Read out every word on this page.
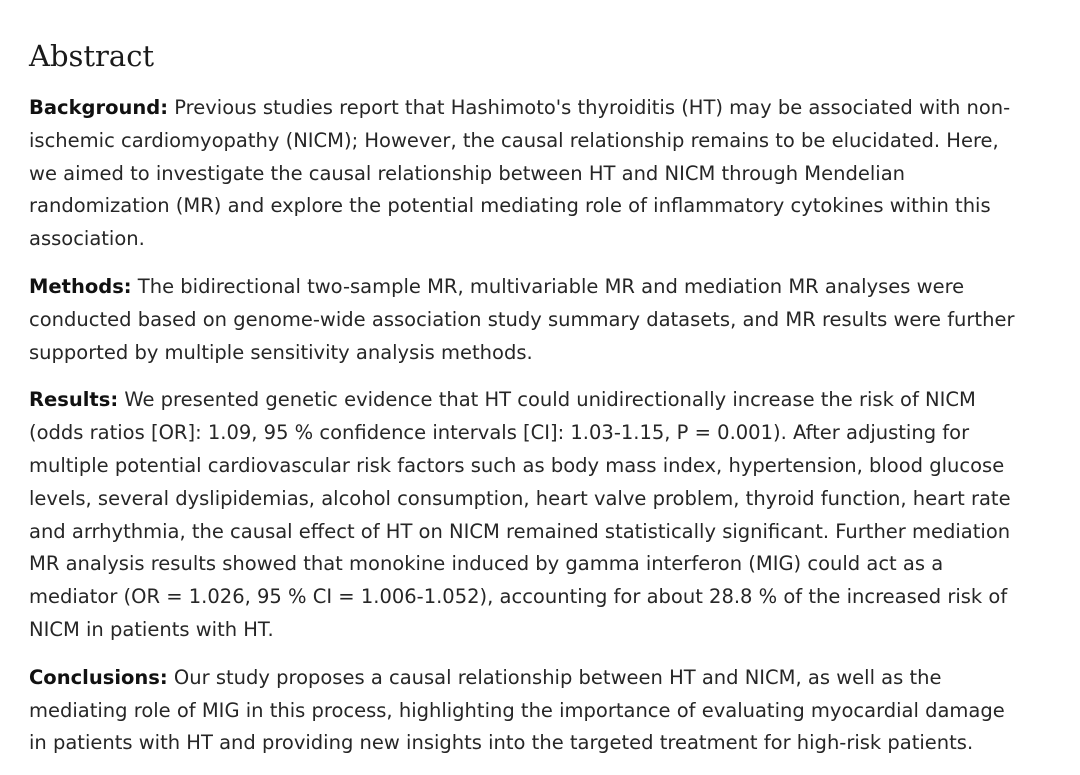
Abstract

Background: Previous studies report that Hashimoto's thyroiditis (HT) may be associated with non-ischemic cardiomyopathy (NICM); However, the causal relationship remains to be elucidated. Here, we aimed to investigate the causal relationship between HT and NICM through Mendelian randomization (MR) and explore the potential mediating role of inflammatory cytokines within this association.

Methods: The bidirectional two-sample MR, multivariable MR and mediation MR analyses were conducted based on genome-wide association study summary datasets, and MR results were further supported by multiple sensitivity analysis methods.

Results: We presented genetic evidence that HT could unidirectionally increase the risk of NICM (odds ratios [OR]: 1.09, 95 % confidence intervals [CI]: 1.03-1.15, P = 0.001). After adjusting for multiple potential cardiovascular risk factors such as body mass index, hypertension, blood glucose levels, several dyslipidemias, alcohol consumption, heart valve problem, thyroid function, heart rate and arrhythmia, the causal effect of HT on NICM remained statistically significant. Further mediation MR analysis results showed that monokine induced by gamma interferon (MIG) could act as a mediator (OR = 1.026, 95 % CI = 1.006-1.052), accounting for about 28.8 % of the increased risk of NICM in patients with HT.

Conclusions: Our study proposes a causal relationship between HT and NICM, as well as the mediating role of MIG in this process, highlighting the importance of evaluating myocardial damage in patients with HT and providing new insights into the targeted treatment for high-risk patients.
